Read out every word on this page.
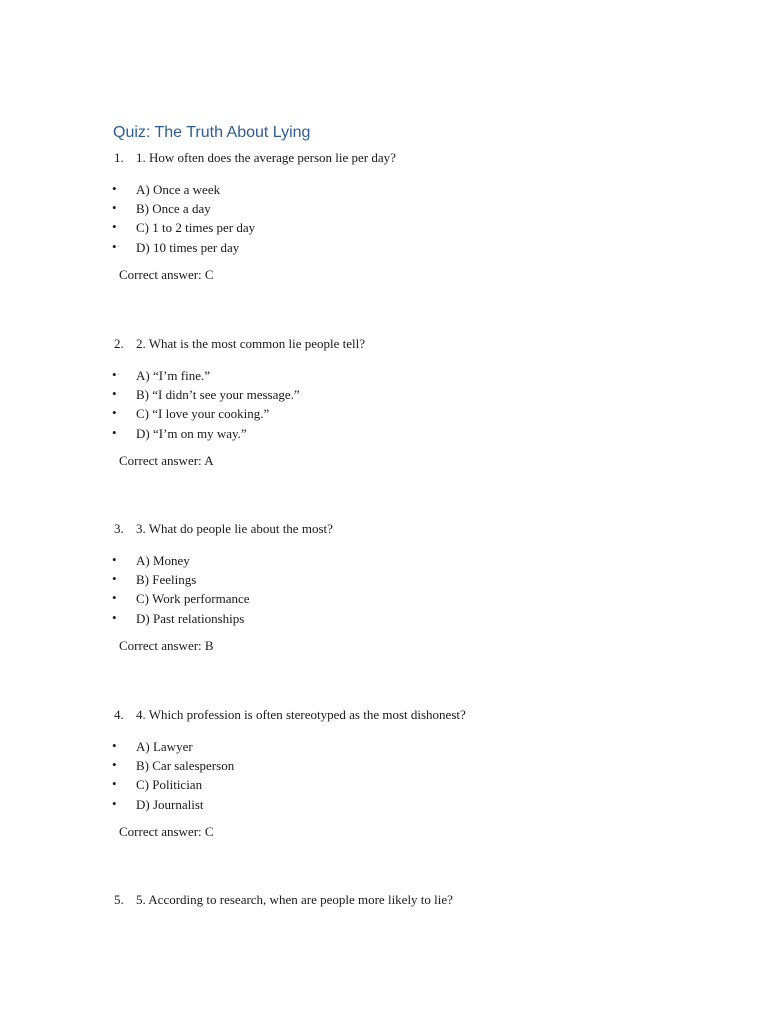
Quiz: The Truth About Lying
1. 1. How often does the average person lie per day?
• A) Once a week
• B) Once a day
• C) 1 to 2 times per day
• D) 10 times per day
Correct answer: C
2. 2. What is the most common lie people tell?
• A) “I’m fine.”
• B) “I didn’t see your message.”
• C) “I love your cooking.”
• D) “I’m on my way.”
Correct answer: A
3. 3. What do people lie about the most?
• A) Money
• B) Feelings
• C) Work performance
• D) Past relationships
Correct answer: B
4. 4. Which profession is often stereotyped as the most dishonest?
• A) Lawyer
• B) Car salesperson
• C) Politician
• D) Journalist
Correct answer: C
5. 5. According to research, when are people more likely to lie?
